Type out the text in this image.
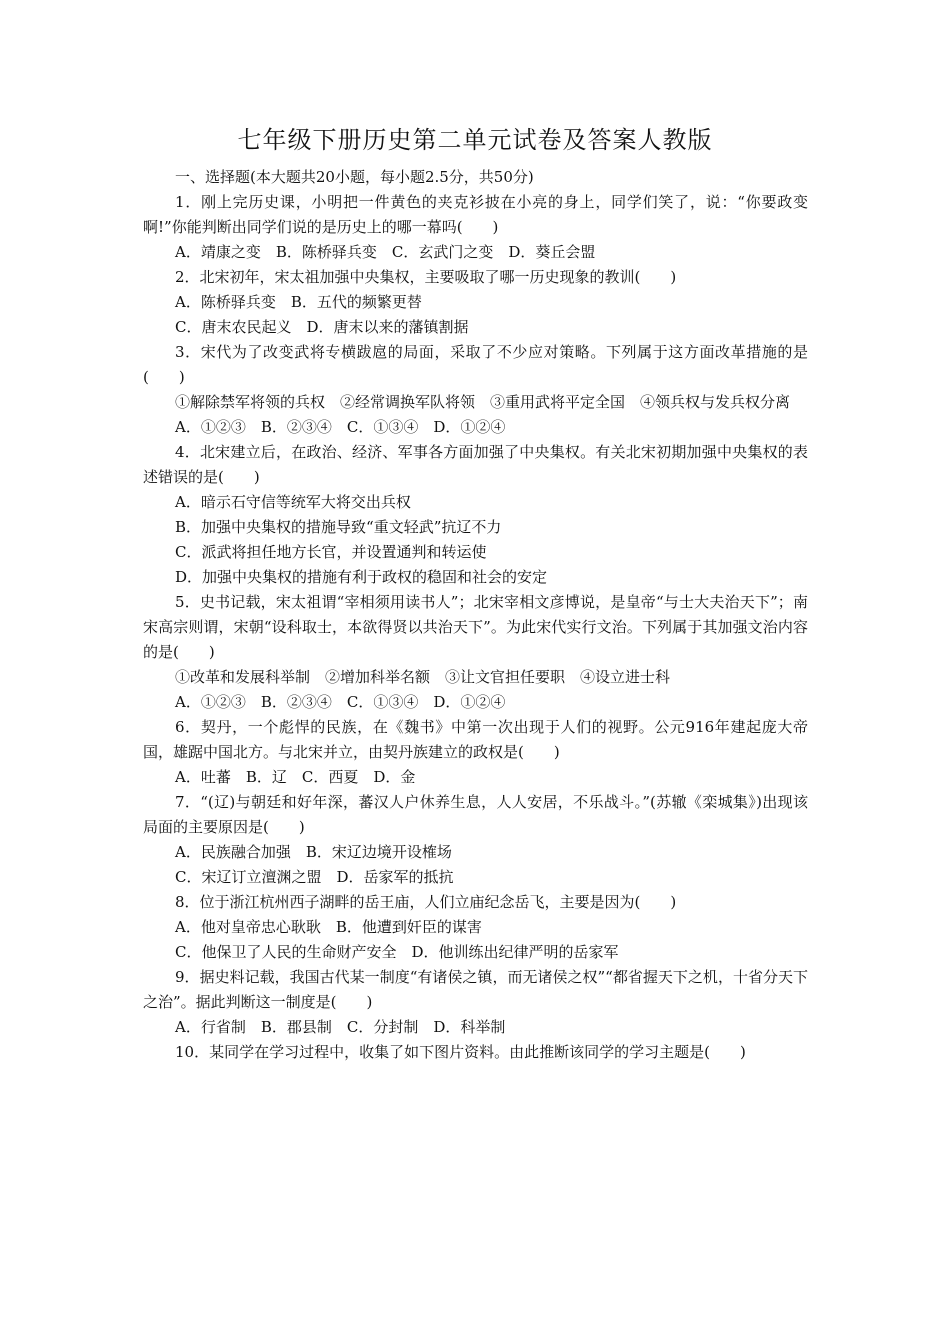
七年级下册历史第二单元试卷及答案人教版

一、选择题(本大题共20小题，每小题2.5分，共50分)

1．刚上完历史课，小明把一件黄色的夹克衫披在小亮的身上，同学们笑了，说：“你要政变啊!”你能判断出同学们说的是历史上的哪一幕吗(　　)

A．靖康之变　B．陈桥驿兵变　C．玄武门之变　D．葵丘会盟

2．北宋初年，宋太祖加强中央集权，主要吸取了哪一历史现象的教训(　　)

A．陈桥驿兵变　B．五代的频繁更替

C．唐末农民起义　D．唐末以来的藩镇割据

3．宋代为了改变武将专横跋扈的局面，采取了不少应对策略。下列属于这方面改革措施的是(　　)

①解除禁军将领的兵权　②经常调换军队将领　③重用武将平定全国　④领兵权与发兵权分离

A．①②③　B．②③④　C．①③④　D．①②④

4．北宋建立后，在政治、经济、军事各方面加强了中央集权。有关北宋初期加强中央集权的表述错误的是(　　)

A．暗示石守信等统军大将交出兵权

B．加强中央集权的措施导致“重文轻武”抗辽不力

C．派武将担任地方长官，并设置通判和转运使

D．加强中央集权的措施有利于政权的稳固和社会的安定

5．史书记载，宋太祖谓“宰相须用读书人”；北宋宰相文彦博说，是皇帝“与士大夫治天下”；南宋高宗则谓，宋朝“设科取士，本欲得贤以共治天下”。为此宋代实行文治。下列属于其加强文治内容的是(　　)

①改革和发展科举制　②增加科举名额　③让文官担任要职　④设立进士科

A．①②③　B．②③④　C．①③④　D．①②④

6．契丹，一个彪悍的民族，在《魏书》中第一次出现于人们的视野。公元916年建起庞大帝国，雄踞中国北方。与北宋并立，由契丹族建立的政权是(　　)

A．吐蕃　B．辽　C．西夏　D．金

7．“(辽)与朝廷和好年深，蕃汉人户休养生息，人人安居，不乐战斗。”(苏辙《栾城集》)出现该局面的主要原因是(　　)

A．民族融合加强　B．宋辽边境开设榷场

C．宋辽订立澶渊之盟　D．岳家军的抵抗

8．位于浙江杭州西子湖畔的岳王庙，人们立庙纪念岳飞，主要是因为(　　)

A．他对皇帝忠心耿耿　B．他遭到奸臣的谋害

C．他保卫了人民的生命财产安全　D．他训练出纪律严明的岳家军

9．据史料记载，我国古代某一制度“有诸侯之镇，而无诸侯之权”“都省握天下之机，十省分天下之治”。据此判断这一制度是(　　)

A．行省制　B．郡县制　C．分封制　D．科举制

10．某同学在学习过程中，收集了如下图片资料。由此推断该同学的学习主题是(　　)
